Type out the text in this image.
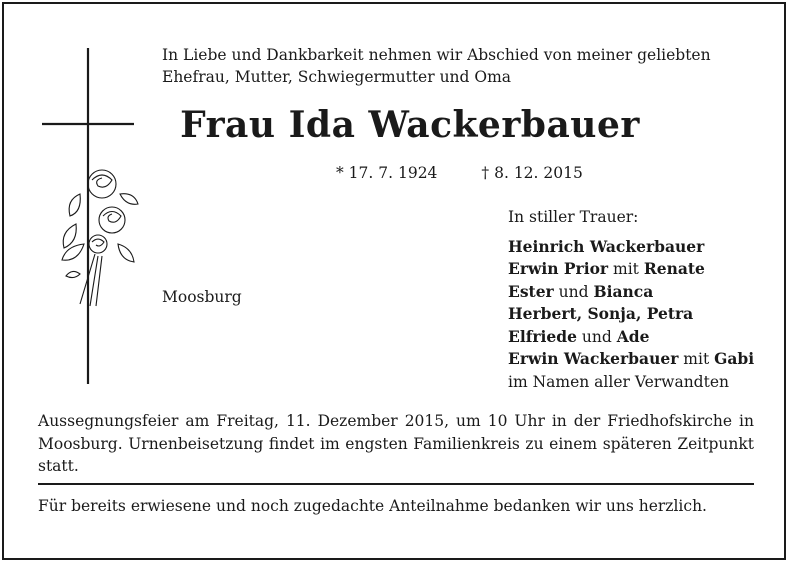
In Liebe und Dankbarkeit nehmen wir Abschied von meiner geliebten
Ehefrau, Mutter, Schwiegermutter und Oma
Frau Ida Wackerbauer
* 17. 7. 1924	† 8. 12. 2015
Moosburg
In stiller Trauer:
Heinrich Wackerbauer
Erwin Prior mit Renate
Ester und Bianca
Herbert, Sonja, Petra
Elfriede und Ade
Erwin Wackerbauer mit Gabi
im Namen aller Verwandten
Aussegnungsfeier am Freitag, 11. Dezember 2015, um 10 Uhr in der Friedhofskirche in Moosburg. Urnenbeisetzung findet im engsten Familienkreis zu einem späteren Zeitpunkt statt.
Für bereits erwiesene und noch zugedachte Anteilnahme bedanken wir uns herzlich.
